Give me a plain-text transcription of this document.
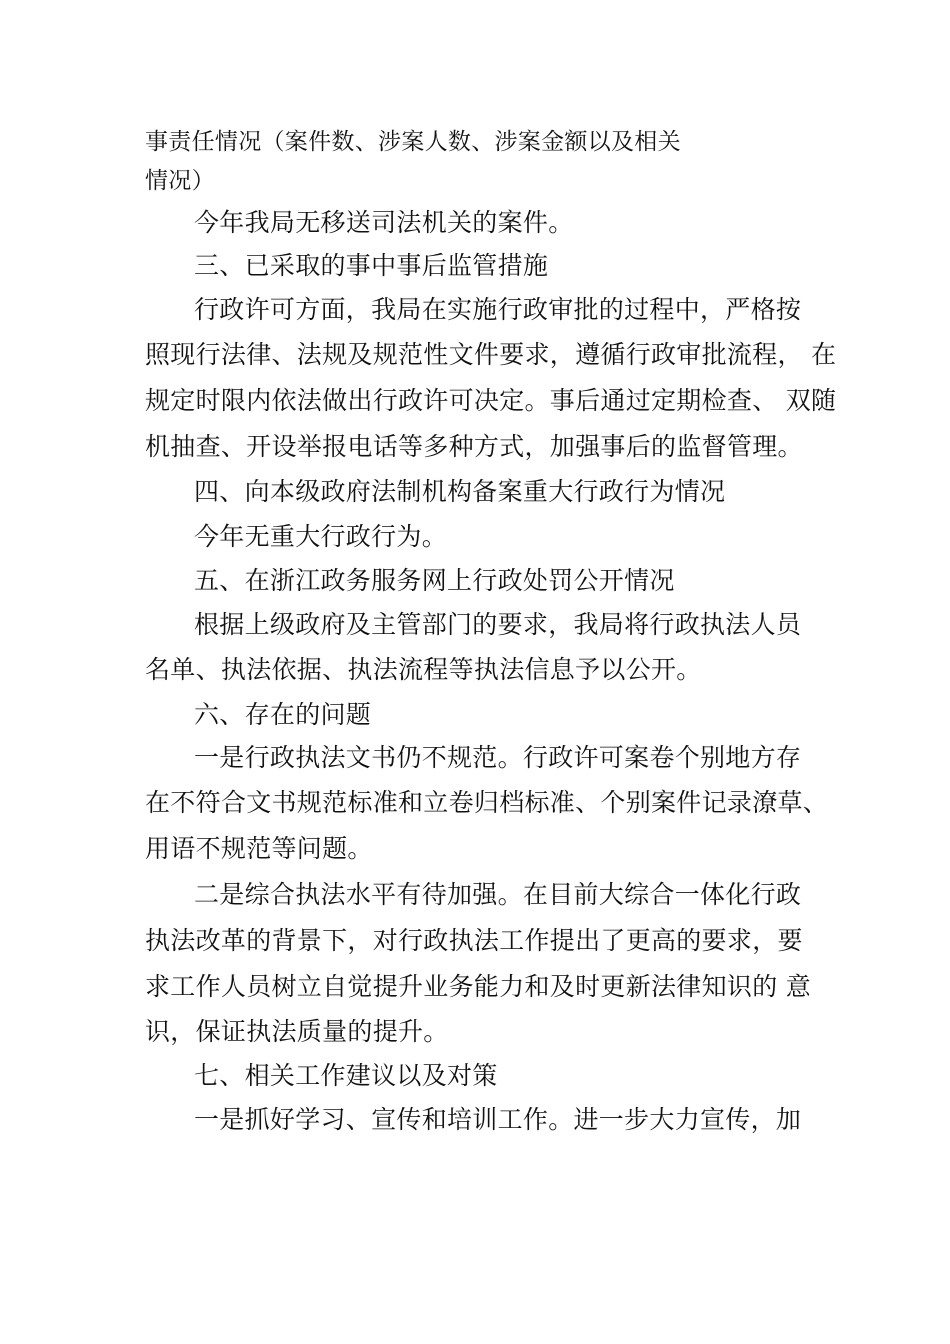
事责任情况（案件数、涉案人数、涉案金额以及相关

情况）

今年我局无移送司法机关的案件。

三、已采取的事中事后监管措施

行政许可方面，我局在实施行政审批的过程中，严格按

照现行法律、法规及规范性文件要求，遵循行政审批流程， 在

规定时限内依法做出行政许可决定。事后通过定期检查、 双随

机抽查、开设举报电话等多种方式，加强事后的监督管理。

四、向本级政府法制机构备案重大行政行为情况

今年无重大行政行为。

五、在浙江政务服务网上行政处罚公开情况

根据上级政府及主管部门的要求，我局将行政执法人员

名单、执法依据、执法流程等执法信息予以公开。

六、存在的问题

一是行政执法文书仍不规范。行政许可案卷个别地方存

在不符合文书规范标准和立卷归档标准、个别案件记录潦草、

用语不规范等问题。

二是综合执法水平有待加强。在目前大综合一体化行政

执法改革的背景下，对行政执法工作提出了更高的要求，要

求工作人员树立自觉提升业务能力和及时更新法律知识的 意

识，保证执法质量的提升。

七、相关工作建议以及对策

一是抓好学习、宣传和培训工作。进一步大力宣传，加
